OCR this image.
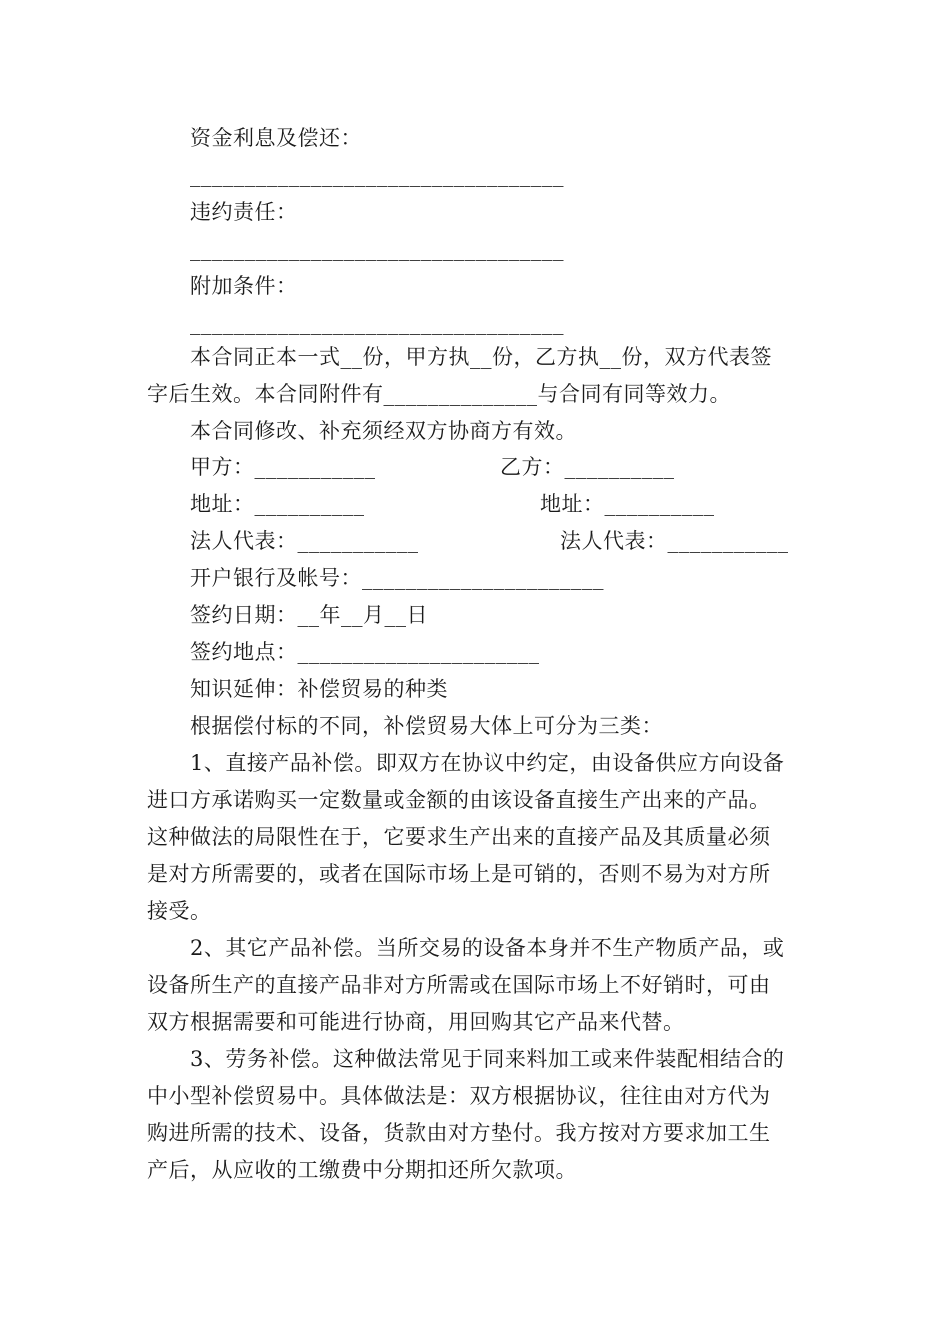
资金利息及偿还：
__________________________________
违约责任：
__________________________________
附加条件：
__________________________________
本合同正本一式__份，甲方执__份，乙方执__份，双方代表签
字后生效。本合同附件有______________与合同有同等效力。
本合同修改、补充须经双方协商方有效。
甲方：___________	乙方：__________
地址：__________	地址：__________
法人代表：___________	法人代表：___________
开户银行及帐号：______________________
签约日期：__年__月__日
签约地点：______________________
知识延伸：补偿贸易的种类
根据偿付标的不同，补偿贸易大体上可分为三类：
1、直接产品补偿。即双方在协议中约定，由设备供应方向设备
进口方承诺购买一定数量或金额的由该设备直接生产出来的产品。
这种做法的局限性在于，它要求生产出来的直接产品及其质量必须
是对方所需要的，或者在国际市场上是可销的，否则不易为对方所
接受。
2、其它产品补偿。当所交易的设备本身并不生产物质产品，或
设备所生产的直接产品非对方所需或在国际市场上不好销时，可由
双方根据需要和可能进行协商，用回购其它产品来代替。
3、劳务补偿。这种做法常见于同来料加工或来件装配相结合的
中小型补偿贸易中。具体做法是：双方根据协议，往往由对方代为
购进所需的技术、设备，货款由对方垫付。我方按对方要求加工生
产后，从应收的工缴费中分期扣还所欠款项。
